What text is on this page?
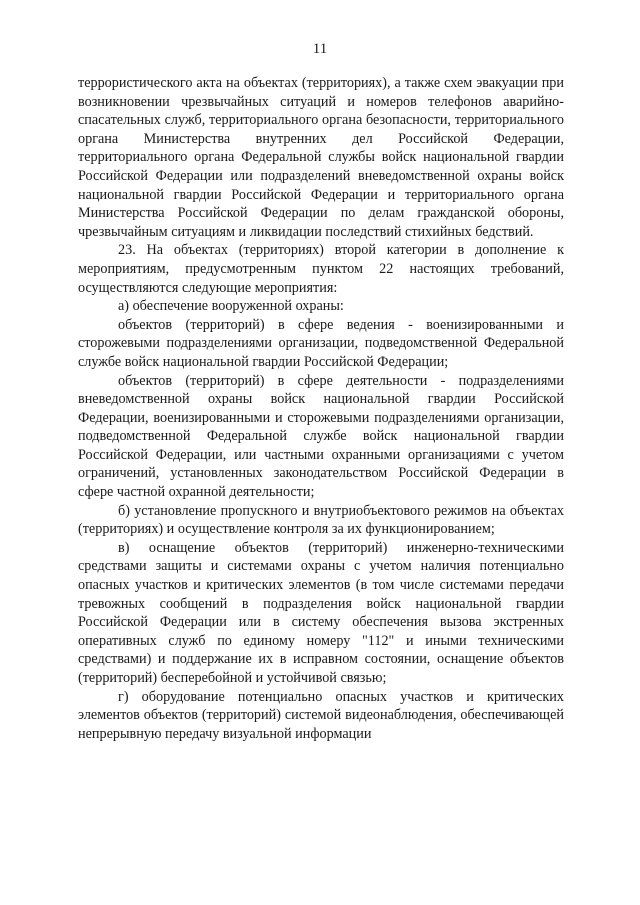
11

террористического акта на объектах (территориях), а также схем эвакуации при возникновении чрезвычайных ситуаций и номеров телефонов аварийно-спасательных служб, территориального органа безопасности, территориального органа Министерства внутренних дел Российской Федерации, территориального органа Федеральной службы войск национальной гвардии Российской Федерации или подразделений вневедомственной охраны войск национальной гвардии Российской Федерации и территориального органа Министерства Российской Федерации по делам гражданской обороны, чрезвычайным ситуациям и ликвидации последствий стихийных бедствий.

23. На объектах (территориях) второй категории в дополнение к мероприятиям, предусмотренным пунктом 22 настоящих требований, осуществляются следующие мероприятия:

а) обеспечение вооруженной охраны:

объектов (территорий) в сфере ведения - военизированными и сторожевыми подразделениями организации, подведомственной Федеральной службе войск национальной гвардии Российской Федерации;

объектов (территорий) в сфере деятельности - подразделениями вневедомственной охраны войск национальной гвардии Российской Федерации, военизированными и сторожевыми подразделениями организации, подведомственной Федеральной службе войск национальной гвардии Российской Федерации, или частными охранными организациями с учетом ограничений, установленных законодательством Российской Федерации в сфере частной охранной деятельности;

б) установление пропускного и внутриобъектового режимов на объектах (территориях) и осуществление контроля за их функционированием;

в) оснащение объектов (территорий) инженерно-техническими средствами защиты и системами охраны с учетом наличия потенциально опасных участков и критических элементов (в том числе системами передачи тревожных сообщений в подразделения войск национальной гвардии Российской Федерации или в систему обеспечения вызова экстренных оперативных служб по единому номеру "112" и иными техническими средствами) и поддержание их в исправном состоянии, оснащение объектов (территорий) бесперебойной и устойчивой связью;

г) оборудование потенциально опасных участков и критических элементов объектов (территорий) системой видеонаблюдения, обеспечивающей непрерывную передачу визуальной информации
